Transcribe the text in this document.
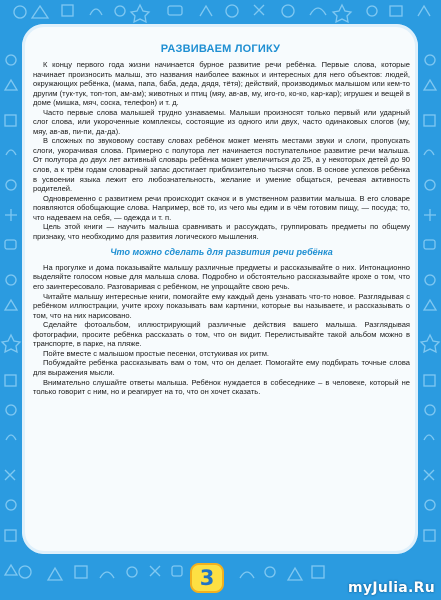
РАЗВИВАЕМ ЛОГИКУ

К концу первого года жизни начинается бурное развитие речи ребёнка. Первые слова, которые начинает произносить малыш, это названия наиболее важных и интересных для него объектов: людей, окружающих ребёнка, (мама, папа, баба, деда, дядя, тётя); действий, производимых малышом или кем-то другим (тук-тук, топ-топ, ам-ам); животных и птиц (мяу, ав-ав, му, иго-го, ко-ко, кар-кар); игрушек и вещей в доме (мишка, мяч, соска, телефон) и т. д.

Часто первые слова малышей трудно узнаваемы. Малыши произносят только первый или ударный слог слова, или укороченные комплексы, состоящие из одного или двух, часто одинаковых слогов (му, мяу, ав-ав, пи-пи, да-да).

В сложных по звуковому составу словах ребёнок может менять местами звуки и слоги, пропускать слоги, укорачивая слова. Примерно с полутора лет начинается поступательное развитие речи малыша. От полутора до двух лет активный словарь ребёнка может увеличиться до 25, а у некоторых детей до 90 слов, а к трём годам словарный запас достигает приблизительно тысячи слов. В основе успехов ребёнка в усвоении языка лежит его любознательность, желание и умение общаться, речевая активность родителей.

Одновременно с развитием речи происходит скачок и в умственном развитии малыша. В его словаре появляются обобщающие слова. Например, всё то, из чего мы едим и в чём готовим пищу, — посуда; то, что надеваем на себя, — одежда и т. п.

Цель этой книги — научить малыша сравнивать и рассуждать, группировать предметы по общему признаку, что необходимо для развития логического мышления.

Что можно сделать для развития речи ребёнка

На прогулке и дома показывайте малышу различные предметы и рассказывайте о них. Интонационно выделяйте голосом новые для малыша слова. Подробно и обстоятельно рассказывайте крохе о том, что его заинтересовало. Разговаривая с ребёнком, не упрощайте свою речь.

Читайте малышу интересные книги, помогайте ему каждый день узнавать что-то новое. Разглядывая с ребёнком иллюстрации, учите кроху показывать вам картинки, которые вы называете, и рассказывать о том, что на них нарисовано.

Сделайте фотоальбом, иллюстрирующий различные действия вашего малыша. Разглядывая фотографии, просите ребёнка рассказать о том, что он видит. Перелистывайте такой альбом можно в транспорте, в парке, на пляже.

Пойте вместе с малышом простые песенки, отстукивая их ритм.

Побуждайте ребёнка рассказывать вам о том, что он делает. Помогайте ему подбирать точные слова для выражения мысли.

Внимательно слушайте ответы малыша. Ребёнок нуждается в собеседнике – в человеке, который не только говорит с ним, но и реагирует на то, что он хочет сказать.

3	myJulia.Ru
